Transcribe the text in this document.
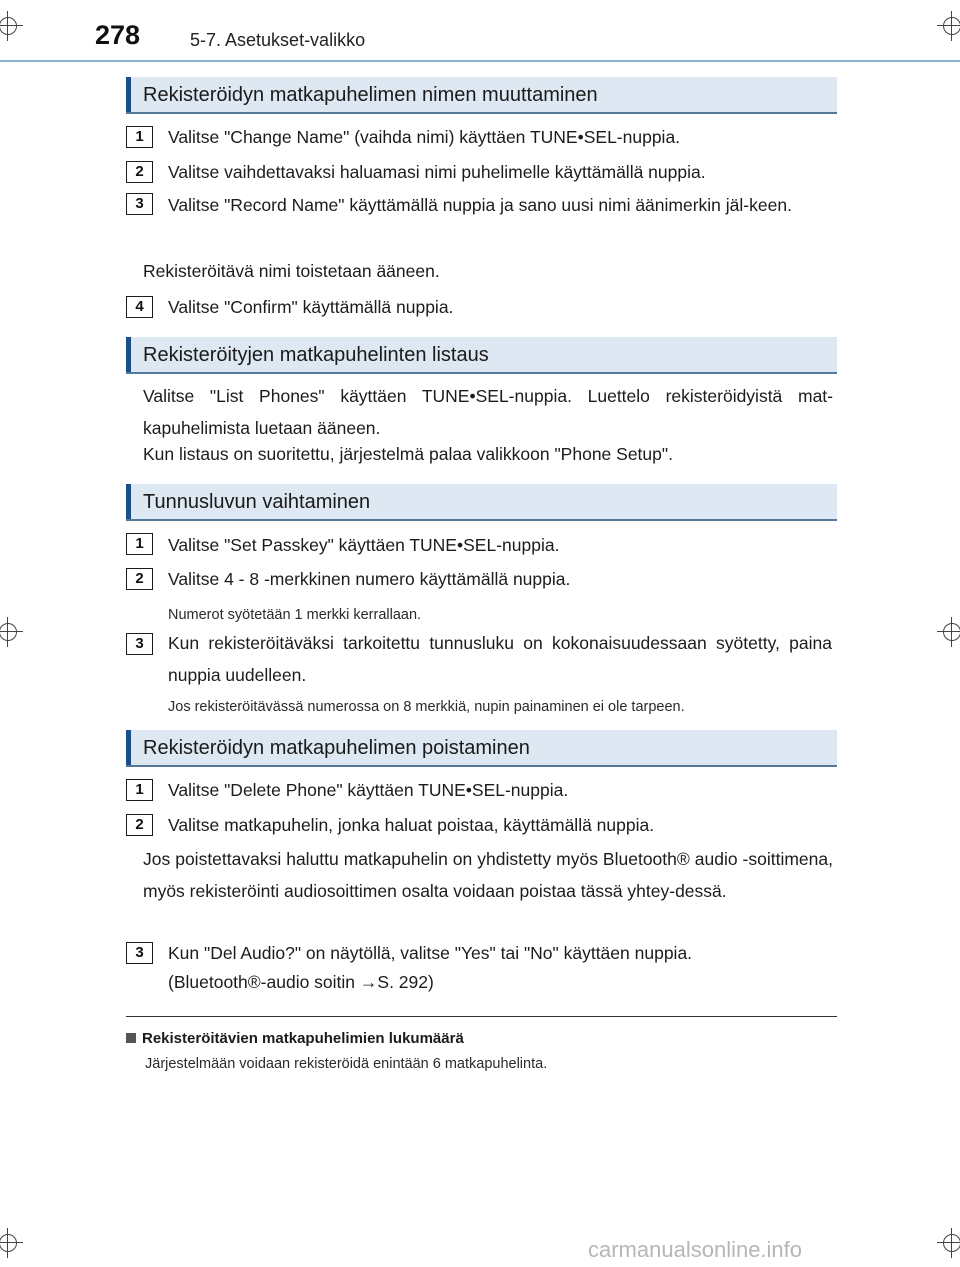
278	5-7. Asetukset-valikko
Rekisteröidyn matkapuhelimen nimen muuttaminen
1	Valitse "Change Name" (vaihda nimi) käyttäen TUNE•SEL-nuppia.
2	Valitse vaihdettavaksi haluamasi nimi puhelimelle käyttämällä nuppia.
3	Valitse "Record Name" käyttämällä nuppia ja sano uusi nimi äänimerkin jäl-keen.
Rekisteröitävä nimi toistetaan ääneen.
4	Valitse "Confirm" käyttämällä nuppia.
Rekisteröityjen matkapuhelinten listaus
Valitse "List Phones" käyttäen TUNE•SEL-nuppia. Luettelo rekisteröidyistä mat-kapuhelimista luetaan ääneen.
Kun listaus on suoritettu, järjestelmä palaa valikkoon "Phone Setup".
Tunnusluvun vaihtaminen
1	Valitse "Set Passkey" käyttäen TUNE•SEL-nuppia.
2	Valitse 4 - 8 -merkkinen numero käyttämällä nuppia.
Numerot syötetään 1 merkki kerrallaan.
3	Kun rekisteröitäväksi tarkoitettu tunnusluku on kokonaisuudessaan syötetty, paina nuppia uudelleen.
Jos rekisteröitävässä numerossa on 8 merkkiä, nupin painaminen ei ole tarpeen.
Rekisteröidyn matkapuhelimen poistaminen
1	Valitse "Delete Phone" käyttäen TUNE•SEL-nuppia.
2	Valitse matkapuhelin, jonka haluat poistaa, käyttämällä nuppia.
Jos poistettavaksi haluttu matkapuhelin on yhdistetty myös Bluetooth® audio -soittimena, myös rekisteröinti audiosoittimen osalta voidaan poistaa tässä yhtey-dessä.
3	Kun "Del Audio?" on näytöllä, valitse "Yes" tai "No" käyttäen nuppia.
(Bluetooth®-audio soitin →S. 292)
Rekisteröitävien matkapuhelimien lukumäärä
Järjestelmään voidaan rekisteröidä enintään 6 matkapuhelinta.
carmanualsonline.info
